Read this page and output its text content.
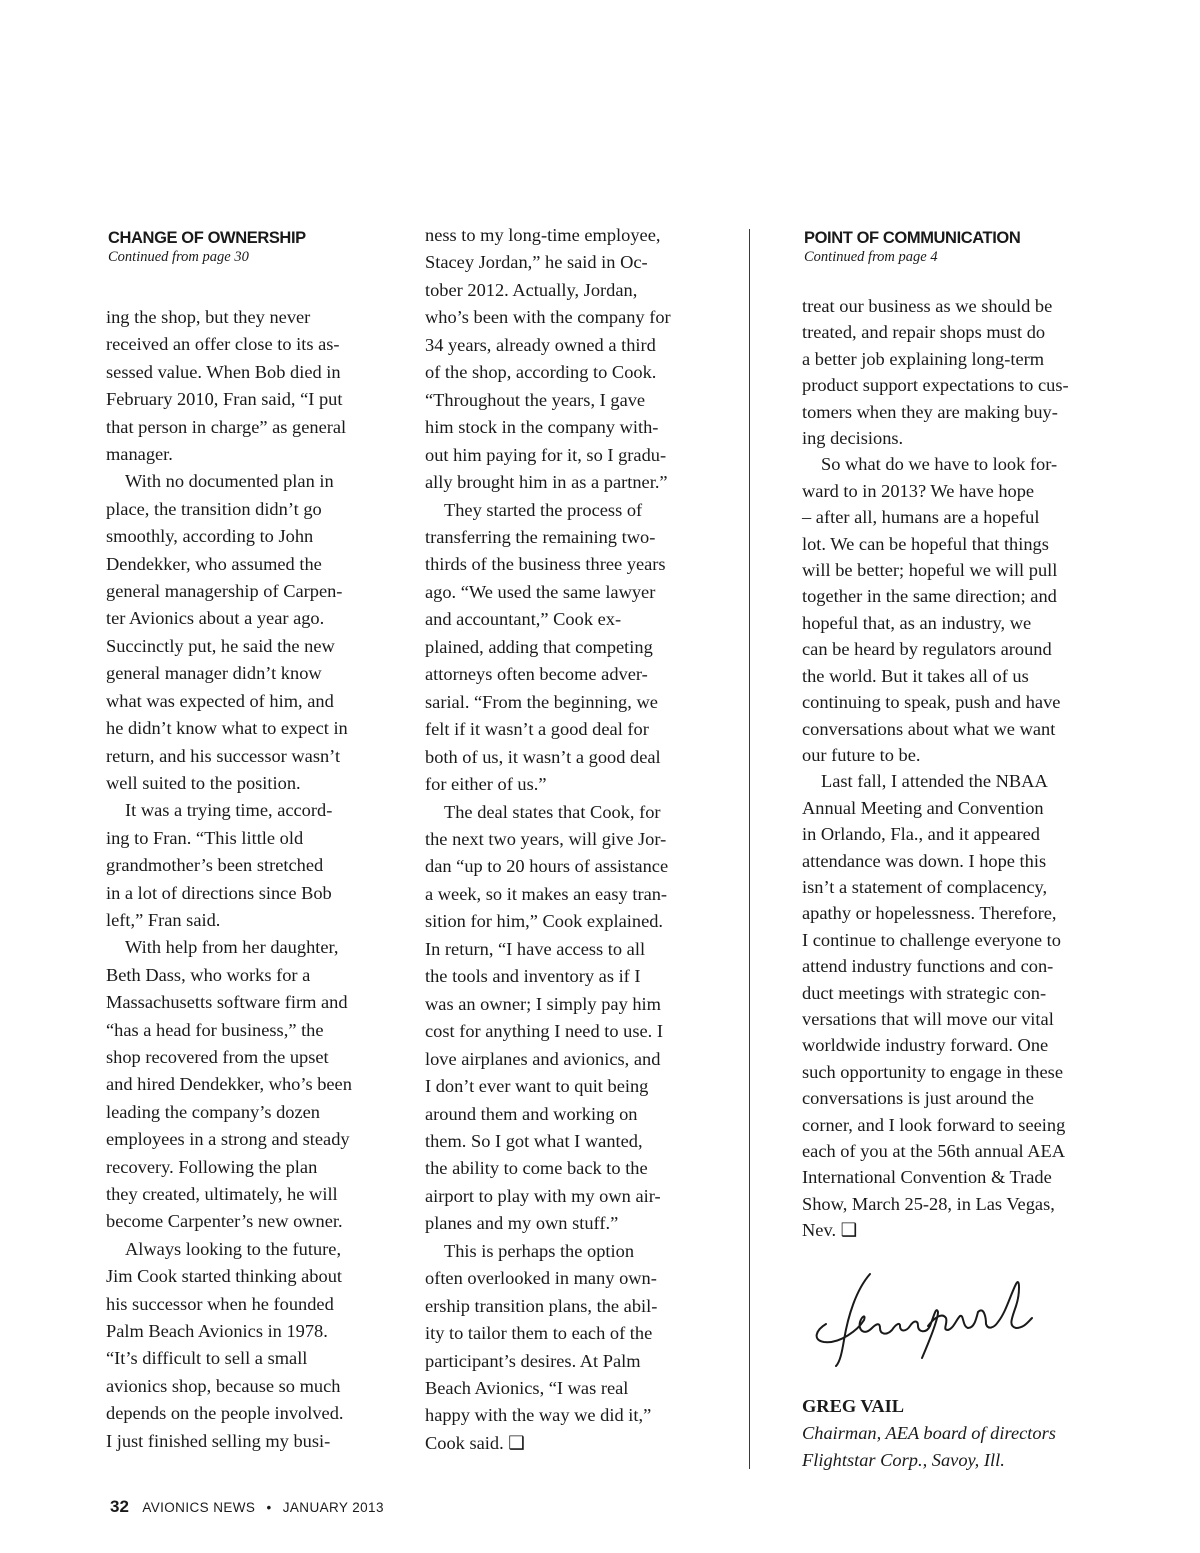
CHANGE OF OWNERSHIP
Continued from page 30

ing the shop, but they never

received an offer close to its as-

sessed value. When Bob died in

February 2010, Fran said, “I put

that person in charge” as general

manager.

With no documented plan in

place, the transition didn’t go

smoothly, according to John

Dendekker, who assumed the

general managership of Carpen-

ter Avionics about a year ago.

Succinctly put, he said the new

general manager didn’t know

what was expected of him, and

he didn’t know what to expect in

return, and his successor wasn’t

well suited to the position.

It was a trying time, accord-

ing to Fran. “This little old

grandmother’s been stretched

in a lot of directions since Bob

left,” Fran said.

With help from her daughter,

Beth Dass, who works for a

Massachusetts software firm and

“has a head for business,” the

shop recovered from the upset

and hired Dendekker, who’s been

leading the company’s dozen

employees in a strong and steady

recovery. Following the plan

they created, ultimately, he will

become Carpenter’s new owner.

Always looking to the future,

Jim Cook started thinking about

his successor when he founded

Palm Beach Avionics in 1978.

“It’s difficult to sell a small

avionics shop, because so much

depends on the people involved.

I just finished selling my busi-

ness to my long-time employee,

Stacey Jordan,” he said in Oc-

tober 2012. Actually, Jordan,

who’s been with the company for

34 years, already owned a third

of the shop, according to Cook.

“Throughout the years, I gave

him stock in the company with-

out him paying for it, so I gradu-

ally brought him in as a partner.”

They started the process of

transferring the remaining two-

thirds of the business three years

ago. “We used the same lawyer

and accountant,” Cook ex-

plained, adding that competing

attorneys often become adver-

sarial. “From the beginning, we

felt if it wasn’t a good deal for

both of us, it wasn’t a good deal

for either of us.”

The deal states that Cook, for

the next two years, will give Jor-

dan “up to 20 hours of assistance

a week, so it makes an easy tran-

sition for him,” Cook explained.

In return, “I have access to all

the tools and inventory as if I

was an owner; I simply pay him

cost for anything I need to use. I

love airplanes and avionics, and

I don’t ever want to quit being

around them and working on

them. So I got what I wanted,

the ability to come back to the

airport to play with my own air-

planes and my own stuff.”

This is perhaps the option

often overlooked in many own-

ership transition plans, the abil-

ity to tailor them to each of the

participant’s desires. At Palm

Beach Avionics, “I was real

happy with the way we did it,”

Cook said. ❑

POINT OF COMMUNICATION
Continued from page 4

treat our business as we should be

treated, and repair shops must do

a better job explaining long-term

product support expectations to cus-

tomers when they are making buy-

ing decisions.

So what do we have to look for-

ward to in 2013? We have hope

– after all, humans are a hopeful

lot. We can be hopeful that things

will be better; hopeful we will pull

together in the same direction; and

hopeful that, as an industry, we

can be heard by regulators around

the world. But it takes all of us

continuing to speak, push and have

conversations about what we want

our future to be.

Last fall, I attended the NBAA

Annual Meeting and Convention

in Orlando, Fla., and it appeared

attendance was down. I hope this

isn’t a statement of complacency,

apathy or hopelessness. Therefore,

I continue to challenge everyone to

attend industry functions and con-

duct meetings with strategic con-

versations that will move our vital

worldwide industry forward. One

such opportunity to engage in these

conversations is just around the

corner, and I look forward to seeing

each of you at the 56th annual AEA

International Convention & Trade

Show, March 25-28, in Las Vegas,

Nev. ❑

GREG VAIL
Chairman, AEA board of directors
Flightstar Corp., Savoy, Ill.
32 AVIONICS NEWS • JANUARY 2013
